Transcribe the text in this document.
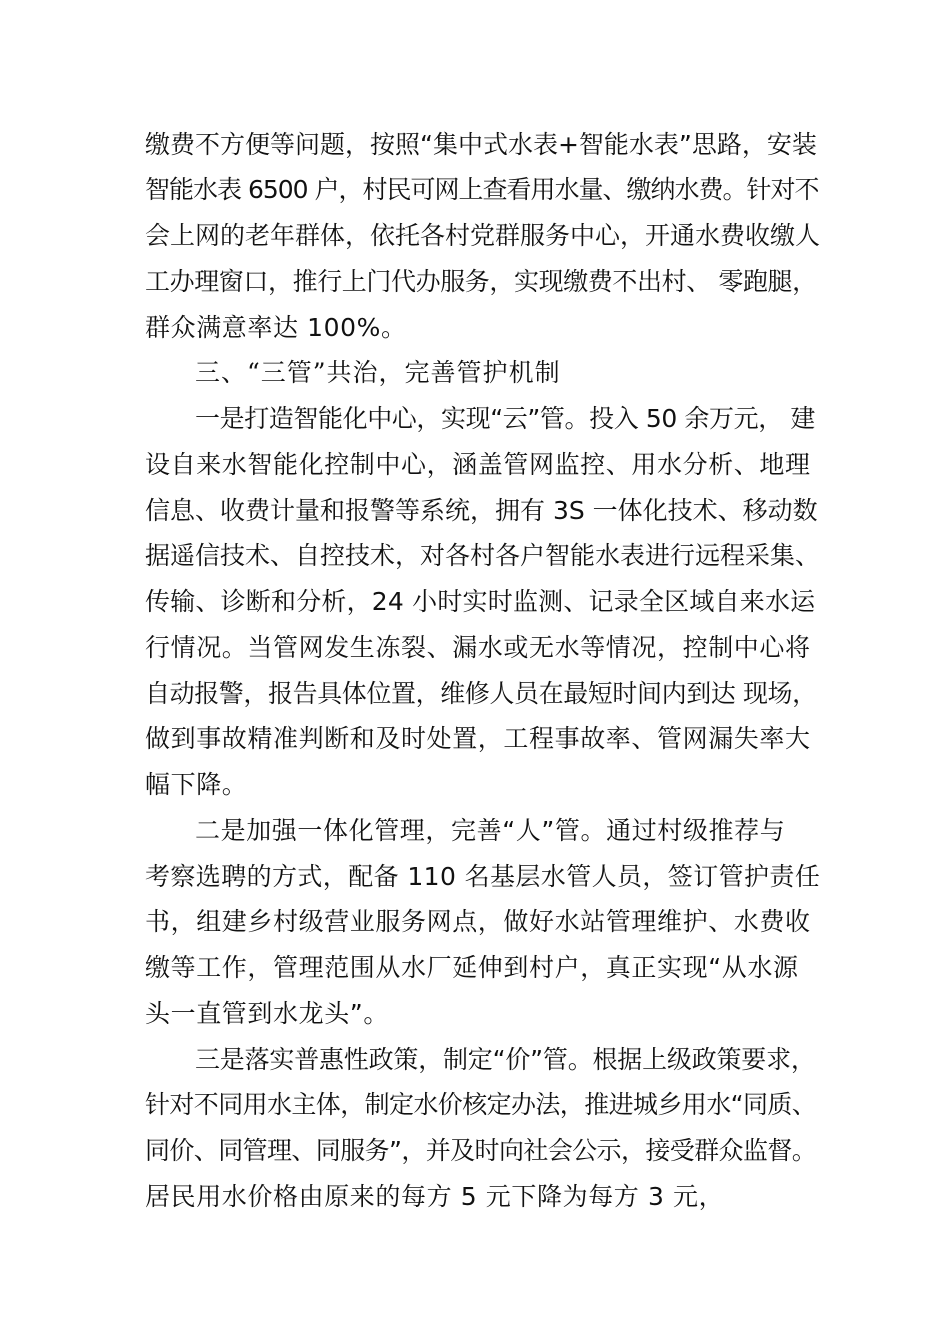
缴费不方便等问题，按照“集中式水表+智能水表”思路，安装
智能水表 6500 户，村民可网上查看用水量、缴纳水费。针对不
会上网的老年群体，依托各村党群服务中心，开通水费收缴人
工办理窗口，推行上门代办服务，实现缴费不出村、 零跑腿，
群众满意率达 100%。
三、“三管”共治，完善管护机制
一是打造智能化中心，实现“云”管。投入 50 余万元， 建
设自来水智能化控制中心，涵盖管网监控、用水分析、地理
信息、收费计量和报警等系统，拥有 3S 一体化技术、移动数
据遥信技术、自控技术，对各村各户智能水表进行远程采集、
传输、诊断和分析，24 小时实时监测、记录全区域自来水运
行情况。当管网发生冻裂、漏水或无水等情况，控制中心将
自动报警，报告具体位置，维修人员在最短时间内到达 现场，
做到事故精准判断和及时处置，工程事故率、管网漏失率大
幅下降。
二是加强一体化管理，完善“人”管。通过村级推荐与
考察选聘的方式，配备 110 名基层水管人员，签订管护责任
书，组建乡村级营业服务网点，做好水站管理维护、水费收
缴等工作，管理范围从水厂延伸到村户，真正实现“从水源
头一直管到水龙头”。
三是落实普惠性政策，制定“价”管。根据上级政策要求，
针对不同用水主体，制定水价核定办法，推进城乡用水“同质、
同价、同管理、同服务”，并及时向社会公示，接受群众监督。
居民用水价格由原来的每方 5 元下降为每方 3 元，
